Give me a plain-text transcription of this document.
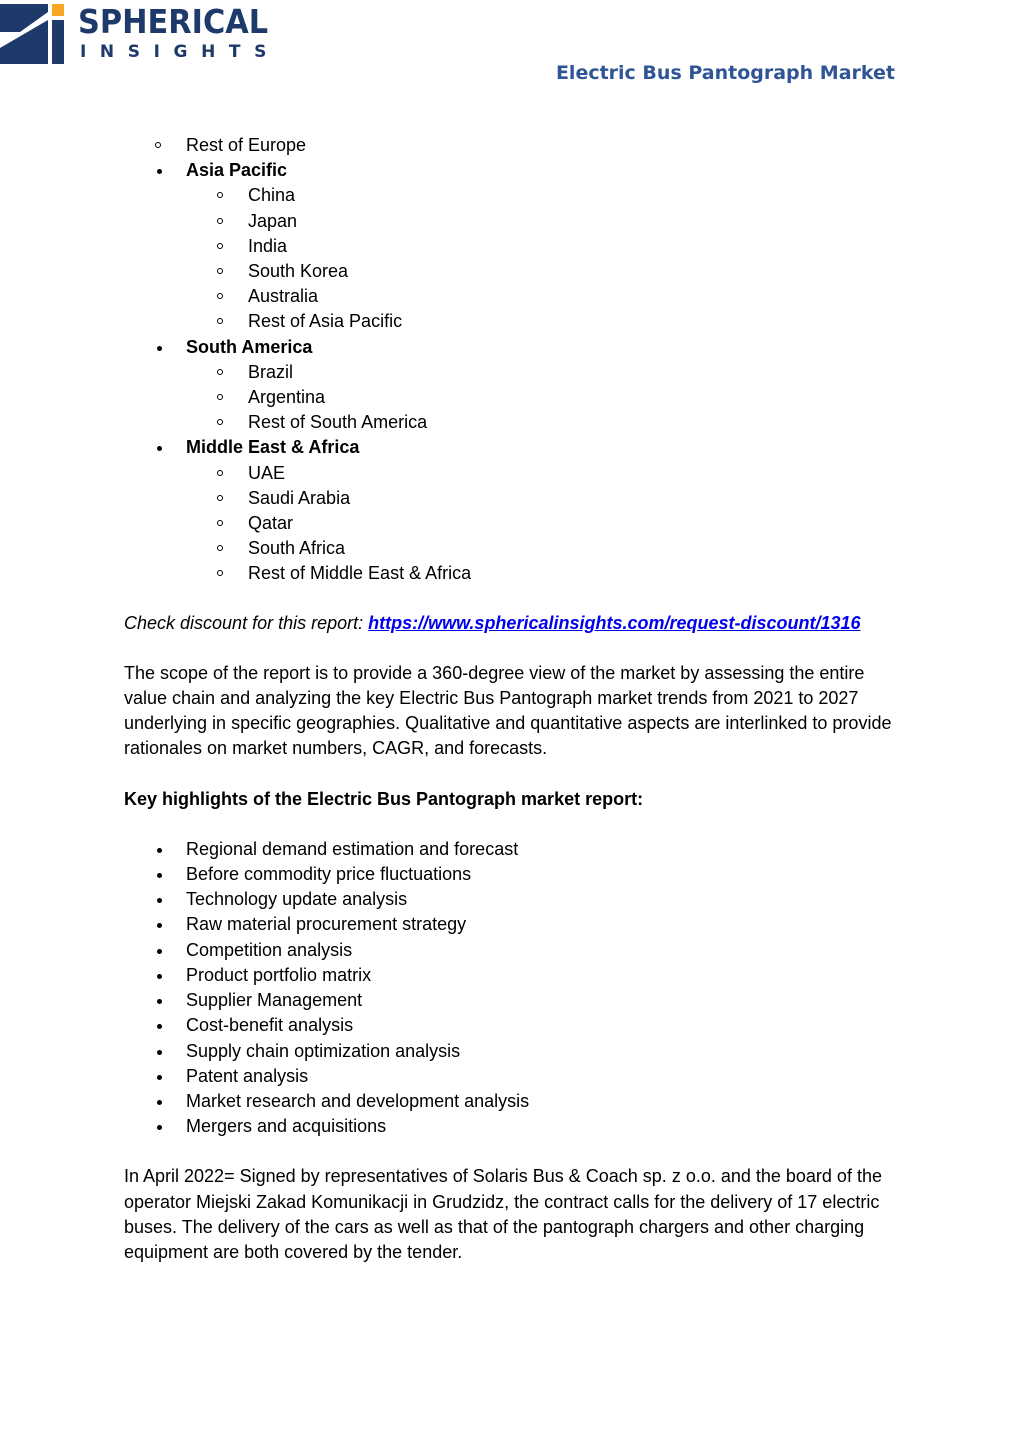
SPHERICAL
INSIGHTS
Electric Bus Pantograph Market
Rest of Europe
Asia Pacific
China
Japan
India
South Korea
Australia
Rest of Asia Pacific
South America
Brazil
Argentina
Rest of South America
Middle East & Africa
UAE
Saudi Arabia
Qatar
South Africa
Rest of Middle East & Africa
Check discount for this report: https://www.sphericalinsights.com/request-discount/1316

The scope of the report is to provide a 360-degree view of the market by assessing the entire value chain and analyzing the key Electric Bus Pantograph market trends from 2021 to 2027 underlying in specific geographies. Qualitative and quantitative aspects are interlinked to provide rationales on market numbers, CAGR, and forecasts.

Key highlights of the Electric Bus Pantograph market report:

Regional demand estimation and forecast
Before commodity price fluctuations
Technology update analysis
Raw material procurement strategy
Competition analysis
Product portfolio matrix
Supplier Management
Cost-benefit analysis
Supply chain optimization analysis
Patent analysis
Market research and development analysis
Mergers and acquisitions

In April 2022= Signed by representatives of Solaris Bus & Coach sp. z o.o. and the board of the operator Miejski Zakad Komunikacji in Grudzidz, the contract calls for the delivery of 17 electric buses. The delivery of the cars as well as that of the pantograph chargers and other charging equipment are both covered by the tender.
